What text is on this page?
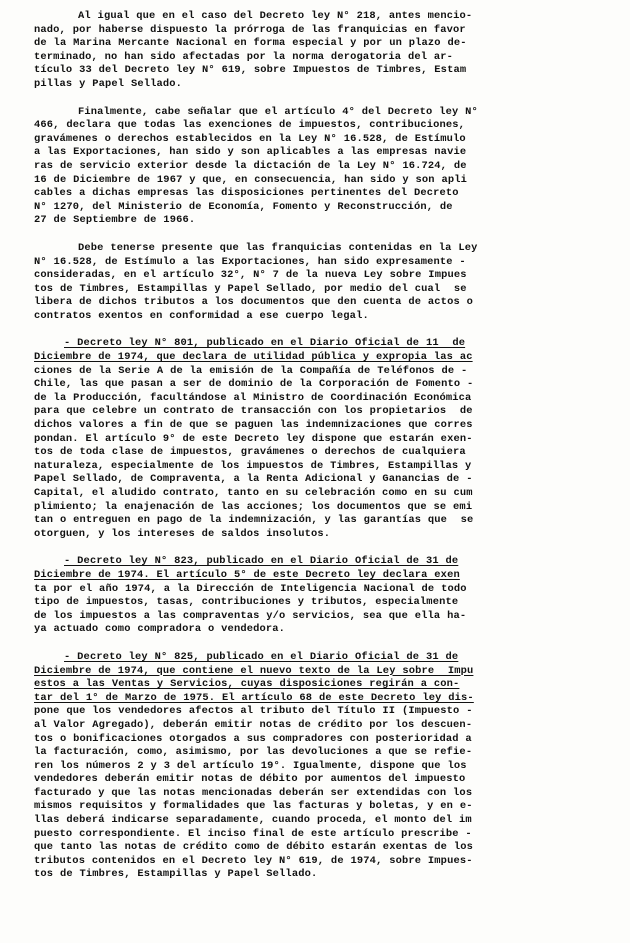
Al igual que en el caso del Decreto ley N° 218, antes mencio-
nado, por haberse dispuesto la prórroga de las franquicias en favor
de la Marina Mercante Nacional en forma especial y por un plazo de-
terminado, no han sido afectadas por la norma derogatoria del ar-
tículo 33 del Decreto ley N° 619, sobre Impuestos de Timbres, Estam
pillas y Papel Sellado.
Finalmente, cabe señalar que el artículo 4° del Decreto ley N°
466, declara que todas las exenciones de impuestos, contribuciones,
gravámenes o derechos establecidos en la Ley N° 16.528, de Estímulo
a las Exportaciones, han sido y son aplicables a las empresas navie
ras de servicio exterior desde la dictación de la Ley N° 16.724, de
16 de Diciembre de 1967 y que, en consecuencia, han sido y son apli
cables a dichas empresas las disposiciones pertinentes del Decreto
N° 1270, del Ministerio de Economía, Fomento y Reconstrucción, de
27 de Septiembre de 1966.
Debe tenerse presente que las franquicias contenidas en la Ley
N° 16.528, de Estímulo a las Exportaciones, han sido expresamente -
consideradas, en el artículo 32°, N° 7 de la nueva Ley sobre Impues
tos de Timbres, Estampillas y Papel Sellado, por medio del cual  se
libera de dichos tributos a los documentos que den cuenta de actos o
contratos exentos en conformidad a ese cuerpo legal.
- Decreto ley N° 801, publicado en el Diario Oficial de 11  de
Diciembre de 1974, que declara de utilidad pública y expropia las ac
ciones de la Serie A de la emisión de la Compañía de Teléfonos de -
Chile, las que pasan a ser de dominio de la Corporación de Fomento -
de la Producción, facultándose al Ministro de Coordinación Económica
para que celebre un contrato de transacción con los propietarios  de
dichos valores a fin de que se paguen las indemnizaciones que corres
pondan. El artículo 9° de este Decreto ley dispone que estarán exen-
tos de toda clase de impuestos, gravámenes o derechos de cualquiera
naturaleza, especialmente de los impuestos de Timbres, Estampillas y
Papel Sellado, de Compraventa, a la Renta Adicional y Ganancias de -
Capital, el aludido contrato, tanto en su celebración como en su cum
plimiento; la enajenación de las acciones; los documentos que se emi
tan o entreguen en pago de la indemnización, y las garantías que  se
otorguen, y los intereses de saldos insolutos.
- Decreto ley N° 823, publicado en el Diario Oficial de 31 de
Diciembre de 1974. El artículo 5° de este Decreto ley declara exen
ta por el año 1974, a la Dirección de Inteligencia Nacional de todo
tipo de impuestos, tasas, contribuciones y tributos, especialmente
de los impuestos a las compraventas y/o servicios, sea que ella ha-
ya actuado como compradora o vendedora.
- Decreto ley N° 825, publicado en el Diario Oficial de 31 de
Diciembre de 1974, que contiene el nuevo texto de la Ley sobre  Impu
estos a las Ventas y Servicios, cuyas disposiciones regirán a con-
tar del 1° de Marzo de 1975. El artículo 68 de este Decreto ley dis-
pone que los vendedores afectos al tributo del Título II (Impuesto -
al Valor Agregado), deberán emitir notas de crédito por los descuen-
tos o bonificaciones otorgados a sus compradores con posterioridad a
la facturación, como, asimismo, por las devoluciones a que se refie-
ren los números 2 y 3 del artículo 19°. Igualmente, dispone que los
vendedores deberán emitir notas de débito por aumentos del impuesto
facturado y que las notas mencionadas deberán ser extendidas con los
mismos requisitos y formalidades que las facturas y boletas, y en e-
llas deberá indicarse separadamente, cuando proceda, el monto del im
puesto correspondiente. El inciso final de este artículo prescribe -
que tanto las notas de crédito como de débito estarán exentas de los
tributos contenidos en el Decreto ley N° 619, de 1974, sobre Impues-
tos de Timbres, Estampillas y Papel Sellado.
